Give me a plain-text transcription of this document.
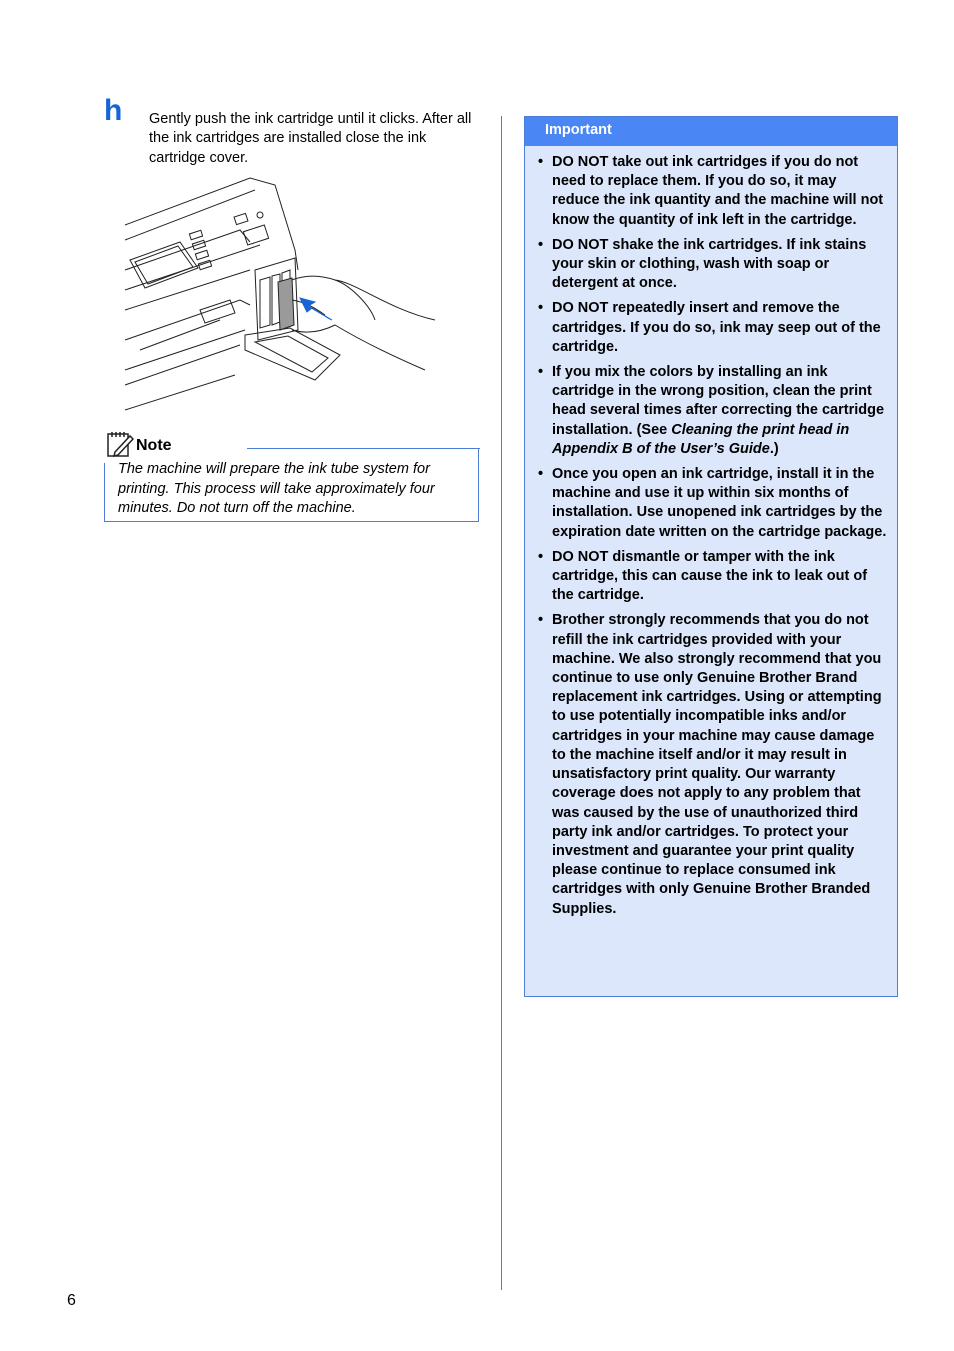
h Gently push the ink cartridge until it clicks. After all the ink cartridges are installed close the ink cartridge cover.
Note
The machine will prepare the ink tube system for printing. This process will take approximately four minutes. Do not turn off the machine.
Important
• DO NOT take out ink cartridges if you do not need to replace them. If you do so, it may reduce the ink quantity and the machine will not know the quantity of ink left in the cartridge.
• DO NOT shake the ink cartridges. If ink stains your skin or clothing, wash with soap or detergent at once.
• DO NOT repeatedly insert and remove the cartridges. If you do so, ink may seep out of the cartridge.
• If you mix the colors by installing an ink cartridge in the wrong position, clean the print head several times after correcting the cartridge installation. (See Cleaning the print head in Appendix B of the User’s Guide.)
• Once you open an ink cartridge, install it in the machine and use it up within six months of installation. Use unopened ink cartridges by the expiration date written on the cartridge package.
• DO NOT dismantle or tamper with the ink cartridge, this can cause the ink to leak out of the cartridge.
• Brother strongly recommends that you do not refill the ink cartridges provided with your machine. We also strongly recommend that you continue to use only Genuine Brother Brand replacement ink cartridges. Using or attempting to use potentially incompatible inks and/or cartridges in your machine may cause damage to the machine itself and/or it may result in unsatisfactory print quality. Our warranty coverage does not apply to any problem that was caused by the use of unauthorized third party ink and/or cartridges. To protect your investment and guarantee your print quality please continue to replace consumed ink cartridges with only Genuine Brother Branded Supplies.
6
